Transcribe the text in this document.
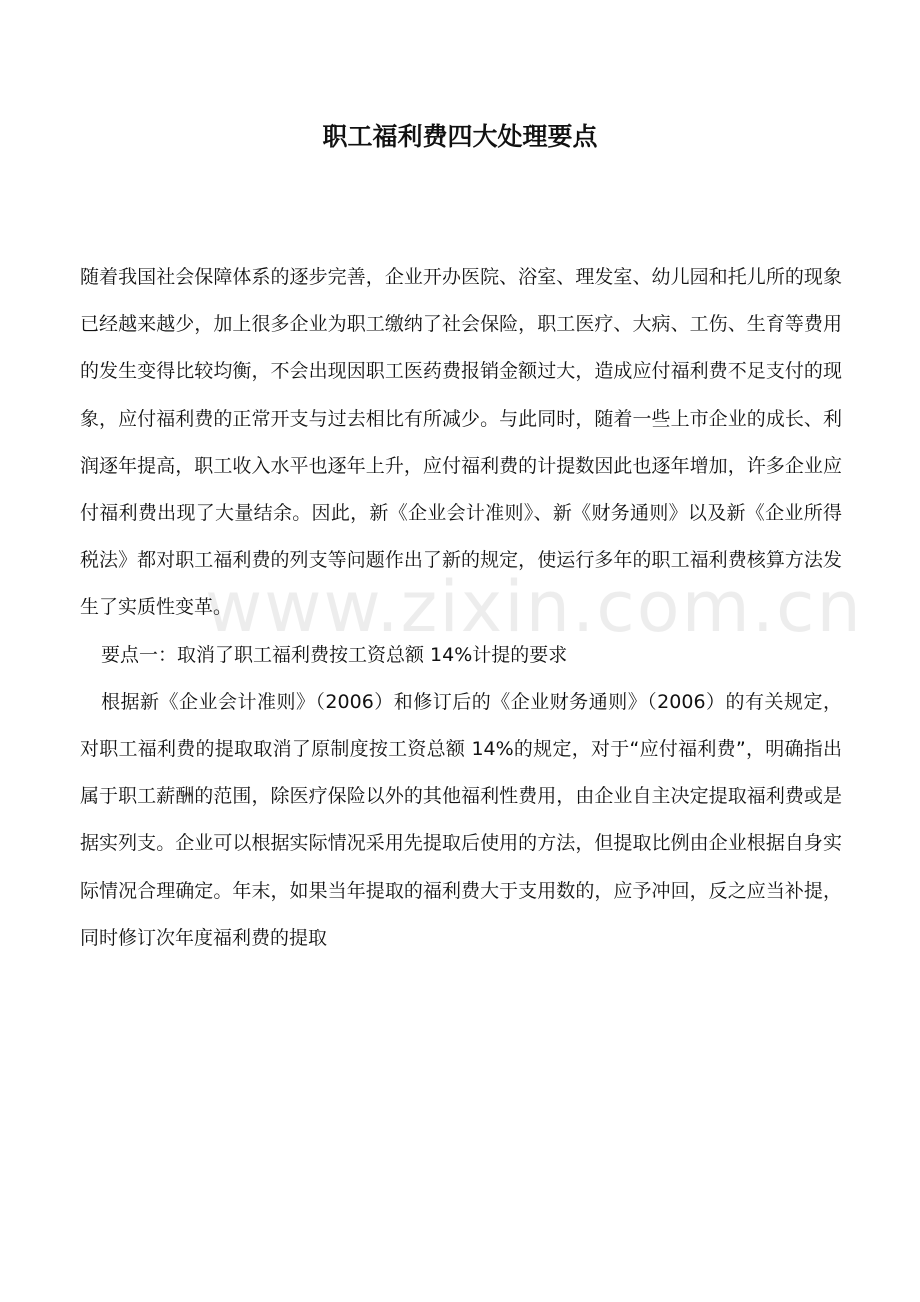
www.zixin.com.cn
职工福利费四大处理要点

随着我国社会保障体系的逐步完善，企业开办医院、浴室、理发室、幼儿园和托儿所的现象已经越来越少，加上很多企业为职工缴纳了社会保险，职工医疗、大病、工伤、生育等费用的发生变得比较均衡，不会出现因职工医药费报销金额过大，造成应付福利费不足支付的现象，应付福利费的正常开支与过去相比有所减少。与此同时，随着一些上市企业的成长、利润逐年提高，职工收入水平也逐年上升，应付福利费的计提数因此也逐年增加，许多企业应付福利费出现了大量结余。因此，新《企业会计准则》、新《财务通则》以及新《企业所得税法》都对职工福利费的列支等问题作出了新的规定，使运行多年的职工福利费核算方法发生了实质性变革。

要点一：取消了职工福利费按工资总额 14%计提的要求

根据新《企业会计准则》（2006）和修订后的《企业财务通则》（2006）的有关规定，对职工福利费的提取取消了原制度按工资总额 14%的规定，对于“应付福利费”，明确指出属于职工薪酬的范围，除医疗保险以外的其他福利性费用，由企业自主决定提取福利费或是据实列支。企业可以根据实际情况采用先提取后使用的方法，但提取比例由企业根据自身实际情况合理确定。年末，如果当年提取的福利费大于支用数的，应予冲回，反之应当补提，同时修订次年度福利费的提取
